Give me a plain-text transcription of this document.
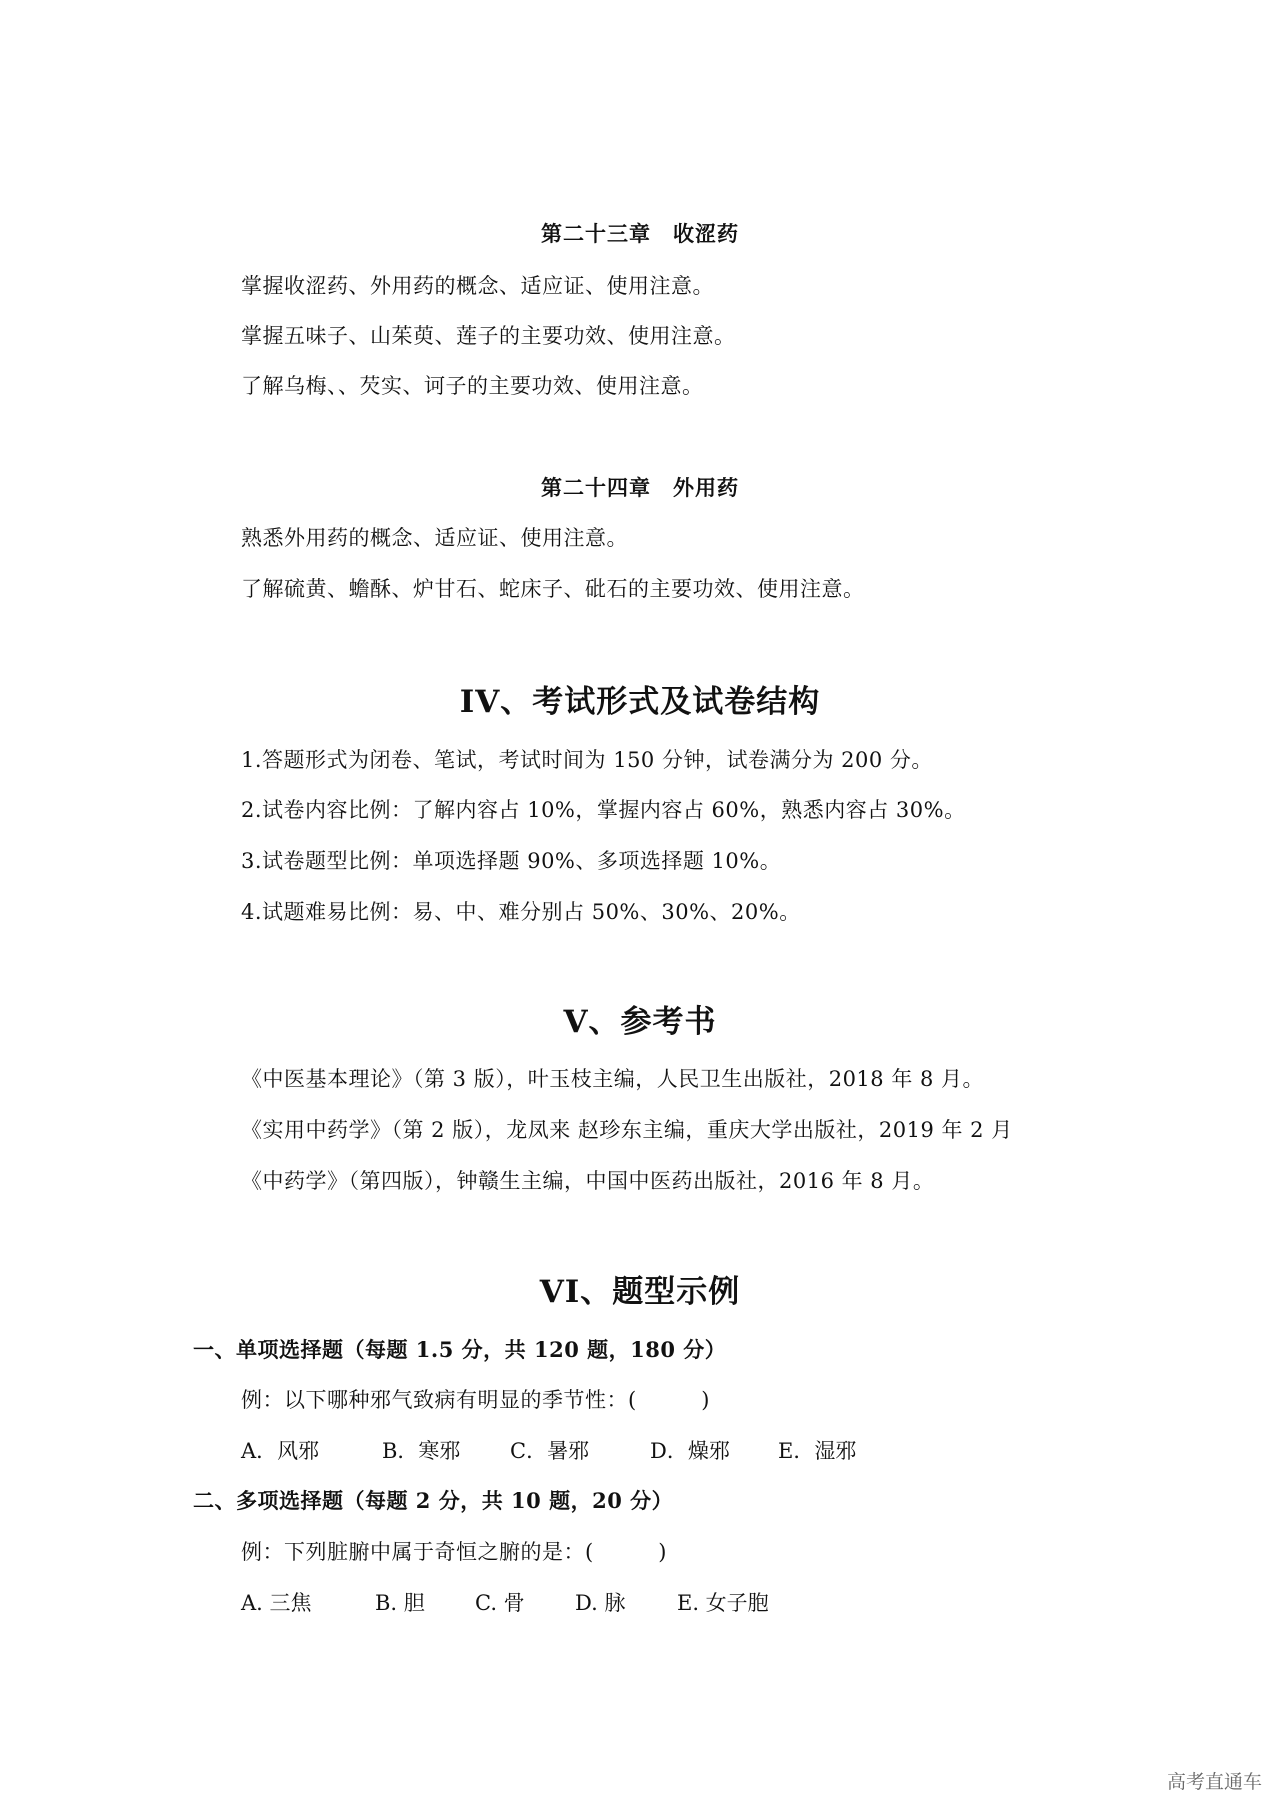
第二十三章　收涩药
掌握收涩药、外用药的概念、适应证、使用注意。
掌握五味子、山茱萸、莲子的主要功效、使用注意。
了解乌梅、、芡实、诃子的主要功效、使用注意。
第二十四章　外用药
熟悉外用药的概念、适应证、使用注意。
了解硫黄、蟾酥、炉甘石、蛇床子、砒石的主要功效、使用注意。
IV、考试形式及试卷结构
1.答题形式为闭卷、笔试，考试时间为 150 分钟，试卷满分为 200 分。
2.试卷内容比例：了解内容占 10%，掌握内容占 60%，熟悉内容占 30%。
3.试卷题型比例：单项选择题 90%、多项选择题 10%。
4.试题难易比例：易、中、难分别占 50%、30%、20%。
V、参考书
《中医基本理论》（第 3 版），叶玉枝主编，人民卫生出版社，2018 年 8 月。
《实用中药学》（第 2 版），龙凤来 赵珍东主编，重庆大学出版社，2019 年 2 月
《中药学》（第四版），钟赣生主编，中国中医药出版社，2016 年 8 月。
VI、题型示例
一、单项选择题（每题 1.5 分，共 120 题，180 分）
例：以下哪种邪气致病有明显的季节性：(　　　)
A．风邪	B．寒邪 C．暑邪	D．燥邪 E．湿邪
二、多项选择题（每题 2 分，共 10 题，20 分）
例：下列脏腑中属于奇恒之腑的是：(　　　)
A. 三焦	B. 胆 C. 骨 D. 脉 E. 女子胞
高考直通车
